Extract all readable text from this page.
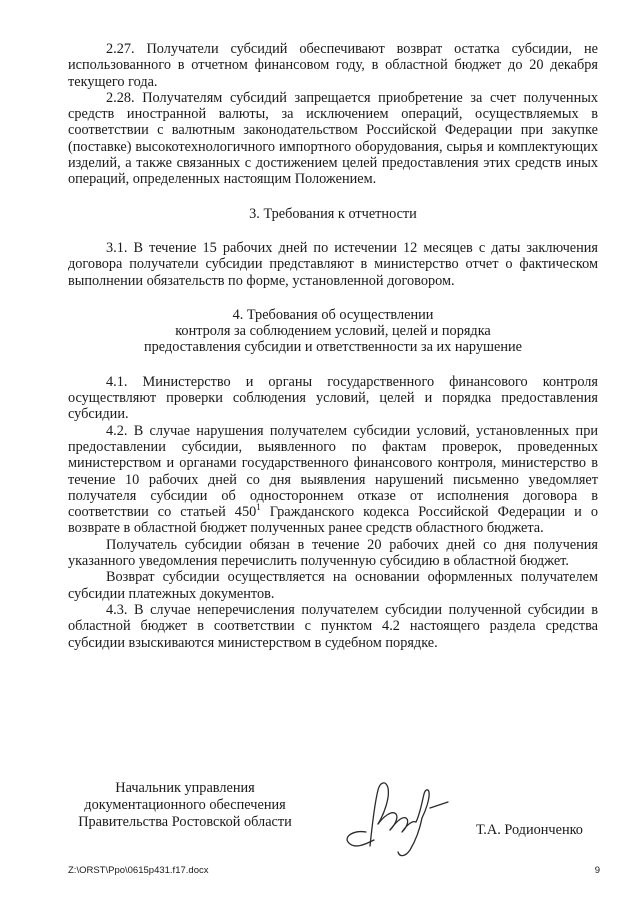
2.27. Получатели субсидий обеспечивают возврат остатка субсидии, не использованного в отчетном финансовом году, в областной бюджет до 20 декабря текущего года.

2.28. Получателям субсидий запрещается приобретение за счет полученных средств иностранной валюты, за исключением операций, осуществляемых в соответствии с валютным законодательством Российской Федерации при закупке (поставке) высокотехнологичного импортного оборудования, сырья и комплектующих изделий, а также связанных с достижением целей предоставления этих средств иных операций, определенных настоящим Положением.

3. Требования к отчетности

3.1. В течение 15 рабочих дней по истечении 12 месяцев с даты заключения договора получатели субсидии представляют в министерство отчет о фактическом выполнении обязательств по форме, установленной договором.

4. Требования об осуществлении

контроля за соблюдением условий, целей и порядка

предоставления субсидии и ответственности за их нарушение

4.1. Министерство и органы государственного финансового контроля осуществляют проверки соблюдения условий, целей и порядка предоставления субсидии.

4.2. В случае нарушения получателем субсидии условий, установленных при предоставлении субсидии, выявленного по фактам проверок, проведенных министерством и органами государственного финансового контроля, министерство в течение 10 рабочих дней со дня выявления нарушений письменно уведомляет получателя субсидии об одностороннем отказе от исполнения договора в соответствии со статьей $450^1$ Гражданского кодекса Российской Федерации и о возврате в областной бюджет полученных ранее средств областного бюджета.

Получатель субсидии обязан в течение 20 рабочих дней со дня получения указанного уведомления перечислить полученную субсидию в областной бюджет.

Возврат субсидии осуществляется на основании оформленных получателем субсидии платежных документов.

4.3. В случае неперечисления получателем субсидии полученной субсидии в областной бюджет в соответствии с пунктом 4.2 настоящего раздела средства субсидии взыскиваются министерством в судебном порядке.

Начальник управления
документационного обеспечения
Правительства Ростовской области	Т.А. Родионченко
Z:\ORST\Ppo\0615p431.f17.docx	9
